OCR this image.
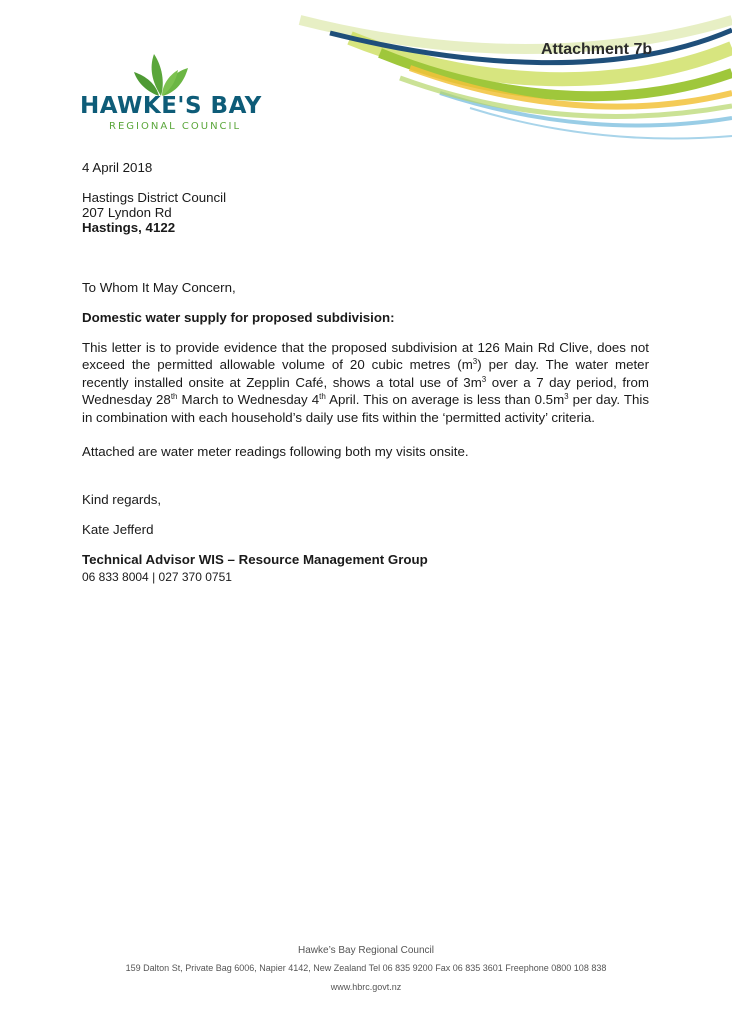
Attachment 7b
HAWKE'S BAY
REGIONAL COUNCIL
4 April 2018
Hastings District Council
207 Lyndon Rd
Hastings, 4122
To Whom It May Concern,
Domestic water supply for proposed subdivision:
This letter is to provide evidence that the proposed subdivision at 126 Main Rd Clive, does not exceed the permitted allowable volume of 20 cubic metres $(m^3)$ per day. The water meter recently installed onsite at Zepplin Café, shows a total use of $3m^3$ over a 7 day period, from Wednesday 28th March to Wednesday 4th April. This on average is less than $0.5m^3$ per day. This in combination with each household’s daily use fits within the ‘permitted activity’ criteria.
Attached are water meter readings following both my visits onsite.
Kind regards,
Kate Jefferd
Technical Advisor WIS – Resource Management Group
06 833 8004 | 027 370 0751
Hawke’s Bay Regional Council
159 Dalton St, Private Bag 6006, Napier 4142, New Zealand Tel 06 835 9200 Fax 06 835 3601 Freephone 0800 108 838
www.hbrc.govt.nz
